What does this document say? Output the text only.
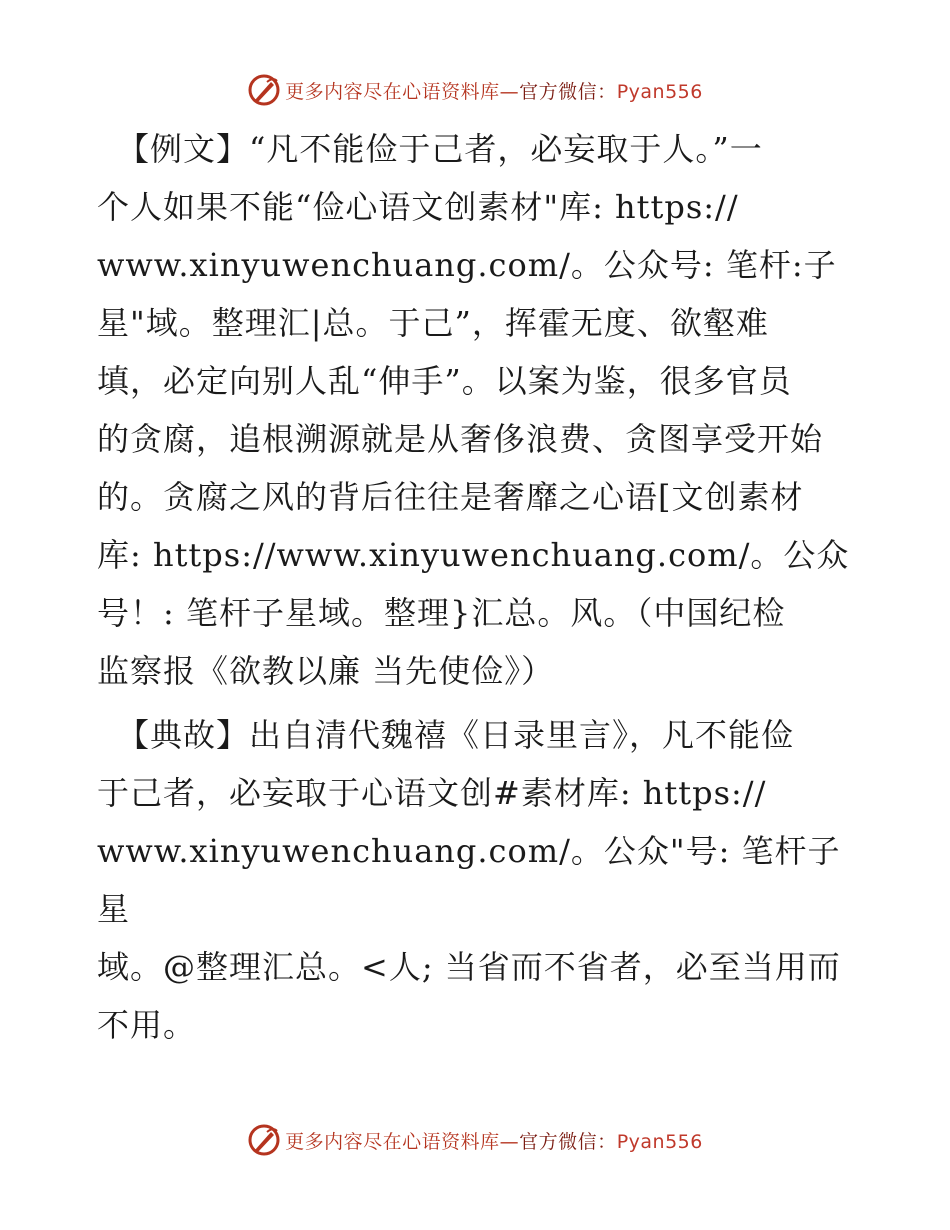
更多内容尽在心语资料库—官方微信：Pyan556

【例文】“凡不能俭于己者，必妄取于人。”一
个人如果不能“俭心语文创素材"库: https://
www.xinyuwenchuang.com/。公众号: 笔杆:子
星"域。整理汇|总。于己”，挥霍无度、欲壑难
填，必定向别人乱“伸手”。以案为鉴，很多官员
的贪腐，追根溯源就是从奢侈浪费、贪图享受开始
的。贪腐之风的背后往往是奢靡之心语[文创素材
库: https://www.xinyuwenchuang.com/。公众
号！: 笔杆子星域。整理}汇总。风。（中国纪检
监察报《欲教以廉 当先使俭》）

【典故】出自清代魏禧《日录里言》，凡不能俭
于己者，必妄取于心语文创#素材库: https://
www.xinyuwenchuang.com/。公众"号: 笔杆子星
域。@整理汇总。<人; 当省而不省者，必至当用而
不用。

更多内容尽在心语资料库—官方微信：Pyan556
